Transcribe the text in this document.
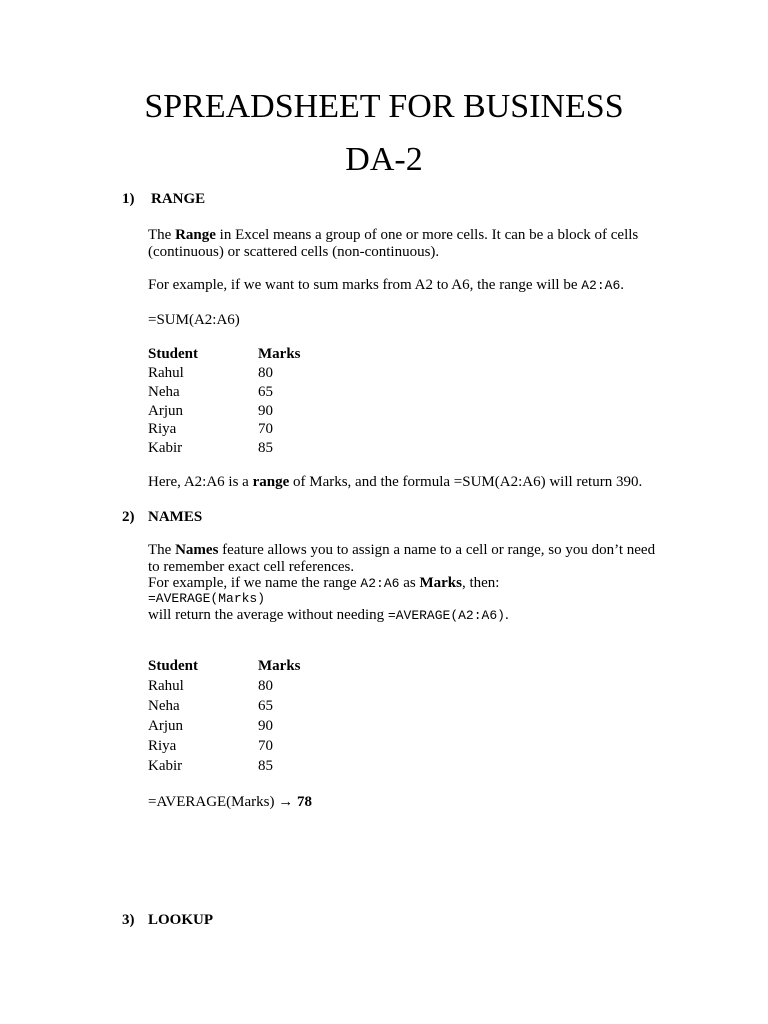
SPREADSHEET FOR BUSINESS
DA-2
1) RANGE
The Range in Excel means a group of one or more cells. It can be a block of cells
(continuous) or scattered cells (non-continuous).
For example, if we want to sum marks from A2 to A6, the range will be A2:A6.
=SUM(A2:A6)
Student	Marks
Rahul	80
Neha	65
Arjun	90
Riya	70
Kabir	85
Here, A2:A6 is a range of Marks, and the formula =SUM(A2:A6) will return 390.
2) NAMES
The Names feature allows you to assign a name to a cell or range, so you don’t need
to remember exact cell references.
For example, if we name the range A2:A6 as Marks, then:
=AVERAGE(Marks)
will return the average without needing =AVERAGE(A2:A6).
Student	Marks
Rahul	80
Neha	65
Arjun	90
Riya	70
Kabir	85
=AVERAGE(Marks) → 78
3) LOOKUP
